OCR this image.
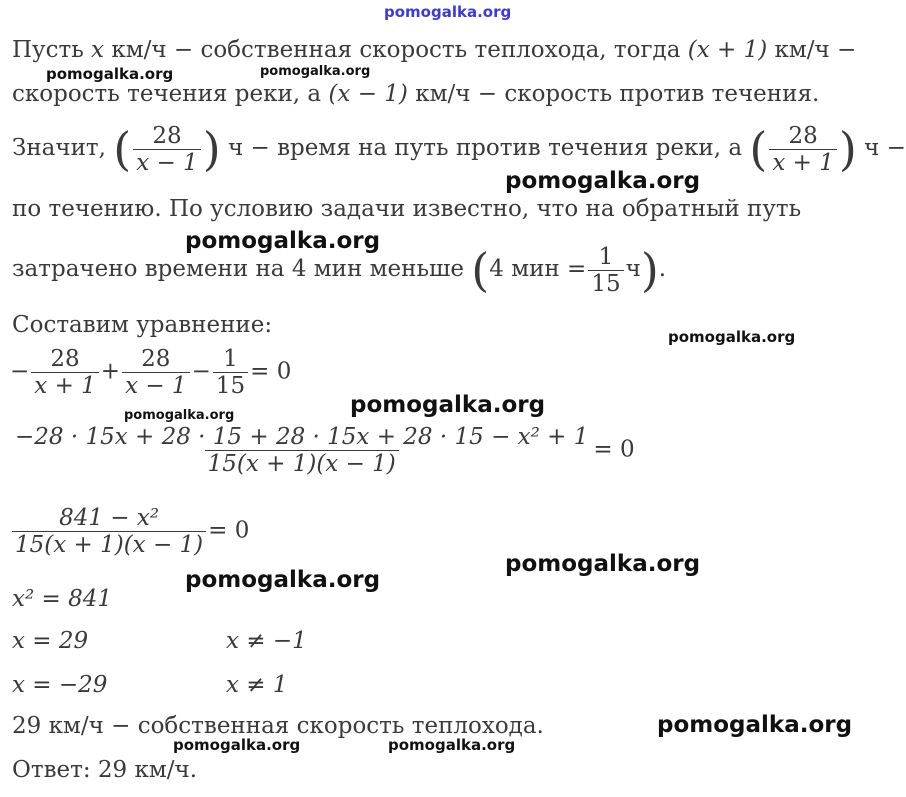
pomogalka.org
Пусть x км/ч − собственная скорость теплохода, тогда (x + 1) км/ч −
скорость течения реки, а (x − 1) км/ч − скорость против течения.
Значит, ( $\frac{28}{x - 1}$ ) ч − время на путь против течения реки, а ( $\frac{28}{x + 1}$ ) ч −
по течению. По условию задачи известно, что на обратный путь
затрачено времени на 4 мин меньше (4 мин = $\frac{1}{15} ч$).
Составим уравнение:
− $\frac{28}{x + 1} + \frac{28}{x - 1} - \frac{1}{15} = 0$
$\frac{\text{−28 · 15x + 28 · 15 + 28 · 15x + 28 · 15 − x² + 1}}{15(x + 1)(x - 1)} = 0$
$\frac{\text{841 − x²}}{15(x + 1)(x - 1)} = 0$
x² = 841
x = 29	x ≠ −1
x = −29	x ≠ 1
29 км/ч − собственная скорость теплохода.
Ответ: 29 км/ч.
pomogalka.org	pomogalka.org
pomogalka.org
pomogalka.org
pomogalka.org
pomogalka.org	pomogalka.org
pomogalka.org
pomogalka.org
pomogalka.org
pomogalka.org	pomogalka.org
